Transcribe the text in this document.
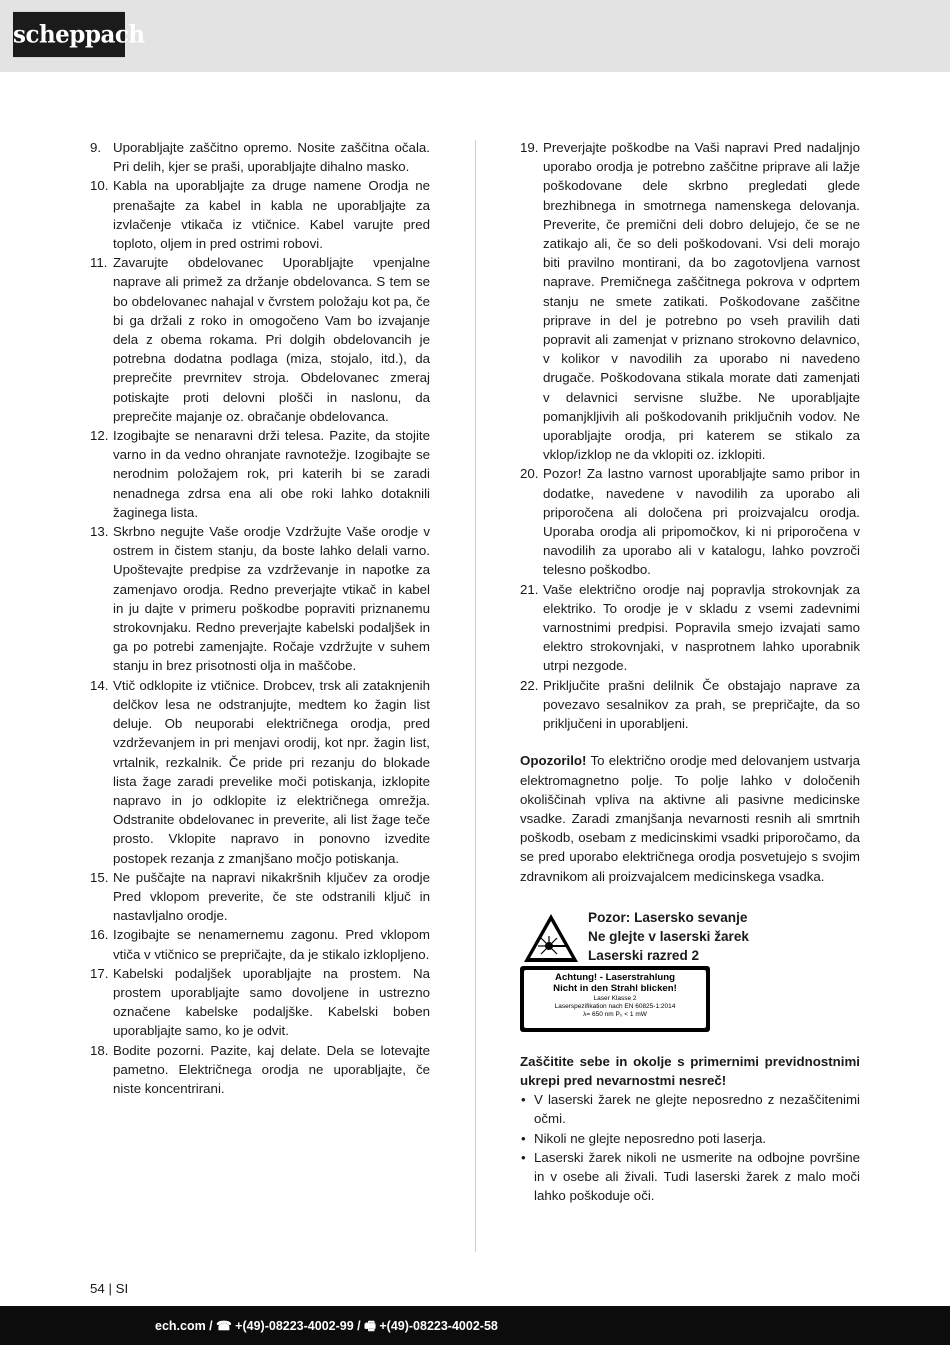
scheppach
9. Uporabljajte zaščitno opremo. Nosite zaščitna očala. Pri delih, kjer se praši, uporabljajte dihalno masko.
10. Kabla na uporabljajte za druge namene Orodja ne prenašajte za kabel in kabla ne uporabljajte za izvlačenje vtikača iz vtičnice. Kabel varujte pred toploto, oljem in pred ostrimi robovi.
11. Zavarujte obdelovanec Uporabljajte vpenjalne naprave ali primež za držanje obdelovanca. S tem se bo obdelovanec nahajal v čvrstem položaju kot pa, če bi ga držali z roko in omogočeno Vam bo izvajanje dela z obema rokama. Pri dolgih obdelovancih je potrebna dodatna podlaga (miza, stojalo, itd.), da preprečite prevrnitev stroja. Obdelovanec zmeraj potiskajte proti delovni plošči in naslonu, da preprečite majanje oz. obračanje obdelovanca.
12. Izogibajte se nenaravni drži telesa. Pazite, da stojite varno in da vedno ohranjate ravnotežje. Izogibajte se nerodnim položajem rok, pri katerih bi se zaradi nenadnega zdrsa ena ali obe roki lahko dotaknili žaginega lista.
13. Skrbno negujte Vaše orodje Vzdržujte Vaše orodje v ostrem in čistem stanju, da boste lahko delali varno. Upoštevajte predpise za vzdrževanje in napotke za zamenjavo orodja. Redno preverjajte vtikač in kabel in ju dajte v primeru poškodbe popraviti priznanemu strokovnjaku. Redno preverjajte kabelski podaljšek in ga po potrebi zamenjajte. Ročaje vzdržujte v suhem stanju in brez prisotnosti olja in maščobe.
14. Vtič odklopite iz vtičnice. Drobcev, trsk ali zataknjenih delčkov lesa ne odstranjujte, medtem ko žagin list deluje. Ob neuporabi električnega orodja, pred vzdrževanjem in pri menjavi orodij, kot npr. žagin list, vrtalnik, rezkalnik. Če pride pri rezanju do blokade lista žage zaradi prevelike moči potiskanja, izklopite napravo in jo odklopite iz električnega omrežja. Odstranite obdelovanec in preverite, ali list žage teče prosto. Vklopite napravo in ponovno izvedite postopek rezanja z zmanjšano močjo potiskanja.
15. Ne puščajte na napravi nikakršnih ključev za orodje Pred vklopom preverite, če ste odstranili ključ in nastavljalno orodje.
16. Izogibajte se nenamernemu zagonu. Pred vklopom vtiča v vtičnico se prepričajte, da je stikalo izklopljeno.
17. Kabelski podaljšek uporabljajte na prostem. Na prostem uporabljajte samo dovoljene in ustrezno označene kabelske podaljške. Kabelski boben uporabljajte samo, ko je odvit.
18. Bodite pozorni. Pazite, kaj delate. Dela se lotevajte pametno. Električnega orodja ne uporabljajte, če niste koncentrirani.
19. Preverjajte poškodbe na Vaši napravi Pred nadaljnjo uporabo orodja je potrebno zaščitne priprave ali lažje poškodovane dele skrbno pregledati glede brezhibnega in smotrnega namenskega delovanja. Preverite, če premični deli dobro delujejo, če se ne zatikajo ali, če so deli poškodovani. Vsi deli morajo biti pravilno montirani, da bo zagotovljena varnost naprave. Premičnega zaščitnega pokrova v odprtem stanju ne smete zatikati. Poškodovane zaščitne priprave in del je potrebno po vseh pravilih dati popravit ali zamenjat v priznano strokovno delavnico, v kolikor v navodilih za uporabo ni navedeno drugače. Poškodovana stikala morate dati zamenjati v delavnici servisne službe. Ne uporabljajte pomanjkljivih ali poškodovanih priključnih vodov. Ne uporabljajte orodja, pri katerem se stikalo za vklop/izklop ne da vklopiti oz. izklopiti.
20. Pozor! Za lastno varnost uporabljajte samo pribor in dodatke, navedene v navodilih za uporabo ali priporočena ali določena pri proizvajalcu orodja. Uporaba orodja ali pripomočkov, ki ni priporočena v navodilih za uporabo ali v katalogu, lahko povzroči telesno poškodbo.
21. Vaše električno orodje naj popravlja strokovnjak za elektriko. To orodje je v skladu z vsemi zadevnimi varnostnimi predpisi. Popravila smejo izvajati samo elektro strokovnjaki, v nasprotnem lahko uporabnik utrpi nezgode.
22. Priključite prašni delilnik Če obstajajo naprave za povezavo sesalnikov za prah, se prepričajte, da so priključeni in uporabljeni.

Opozorilo! To električno orodje med delovanjem ustvarja elektromagnetno polje. To polje lahko v določenih okoliščinah vpliva na aktivne ali pasivne medicinske vsadke. Zaradi zmanjšanja nevarnosti resnih ali smrtnih poškodb, osebam z medicinskimi vsadki priporočamo, da se pred uporabo električnega orodja posvetujejo s svojim zdravnikom ali proizvajalcem medicinskega vsadka.

Pozor: Lasersko sevanje
Ne glejte v laserski žarek
Laserski razred 2
Achtung! - Laserstrahlung
Nicht in den Strahl blicken!
Laser Klasse 2
Laserspezifikation nach EN 60825-1:2014
λ= 650 nm P₀ < 1 mW
Zaščitite sebe in okolje s primernimi previdnostnimi ukrepi pred nevarnostmi nesreč!
• V laserski žarek ne glejte neposredno z nezaščitenimi očmi.
• Nikoli ne glejte neposredno poti laserja.
• Laserski žarek nikoli ne usmerite na odbojne površine in v osebe ali živali. Tudi laserski žarek z malo moči lahko poškoduje oči.
54 | SI
ech.com / ☎ +(49)-08223-4002-99 / 🖷 +(49)-08223-4002-58
